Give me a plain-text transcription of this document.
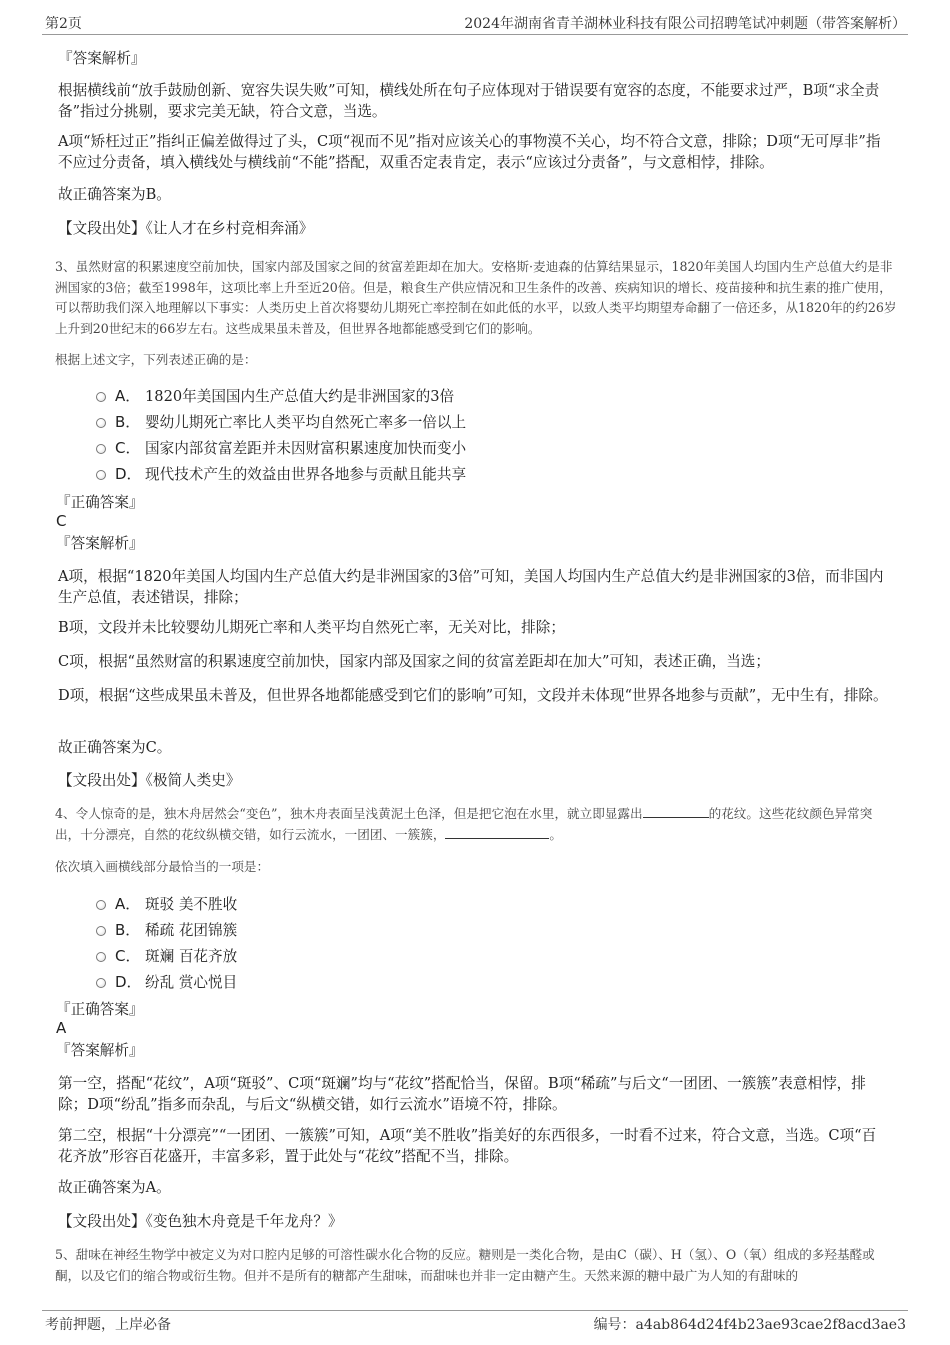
第2页	2024年湖南省青羊湖林业科技有限公司招聘笔试冲刺题（带答案解析）
『答案解析』
根据横线前“放手鼓励创新、宽容失误失败”可知，横线处所在句子应体现对于错误要有宽容的态度，不能要求过严，B项“求全责备”指过分挑剔，要求完美无缺，符合文意，当选。
A项“矫枉过正”指纠正偏差做得过了头，C项“视而不见”指对应该关心的事物漠不关心，均不符合文意，排除；D项“无可厚非”指不应过分责备，填入横线处与横线前“不能”搭配，双重否定表肯定，表示“应该过分责备”，与文意相悖，排除。
故正确答案为B。
【文段出处】《让人才在乡村竞相奔涌》
3、虽然财富的积累速度空前加快，国家内部及国家之间的贫富差距却在加大。安格斯·麦迪森的估算结果显示，1820年美国人均国内生产总值大约是非洲国家的3倍；截至1998年，这项比率上升至近20倍。但是，粮食生产供应情况和卫生条件的改善、疾病知识的增长、疫苗接种和抗生素的推广使用，可以帮助我们深入地理解以下事实：人类历史上首次将婴幼儿期死亡率控制在如此低的水平，以致人类平均期望寿命翻了一倍还多，从1820年的约26岁上升到20世纪末的66岁左右。这些成果虽未普及，但世界各地都能感受到它们的影响。
根据上述文字，下列表述正确的是：
A． 1820年美国国内生产总值大约是非洲国家的3倍
B． 婴幼儿期死亡率比人类平均自然死亡率多一倍以上
C． 国家内部贫富差距并未因财富积累速度加快而变小
D． 现代技术产生的效益由世界各地参与贡献且能共享
『正确答案』
C
『答案解析』
A项，根据“1820年美国人均国内生产总值大约是非洲国家的3倍”可知，美国人均国内生产总值大约是非洲国家的3倍，而非国内生产总值，表述错误，排除；
B项，文段并未比较婴幼儿期死亡率和人类平均自然死亡率，无关对比，排除；
C项，根据“虽然财富的积累速度空前加快，国家内部及国家之间的贫富差距却在加大”可知，表述正确，当选；
D项，根据“这些成果虽未普及，但世界各地都能感受到它们的影响”可知，文段并未体现“世界各地参与贡献”，无中生有，排除。
故正确答案为C。
【文段出处】《极简人类史》
4、令人惊奇的是，独木舟居然会“变色”，独木舟表面呈浅黄泥土色泽，但是把它泡在水里，就立即显露出	的花纹。这些花纹颜色异常突出，十分漂亮，自然的花纹纵横交错，如行云流水，一团团、一簇簇，	。
依次填入画横线部分最恰当的一项是：
A． 斑驳 美不胜收
B． 稀疏 花团锦簇
C． 斑斓 百花齐放
D． 纷乱 赏心悦目
『正确答案』
A
『答案解析』
第一空，搭配“花纹”，A项“斑驳”、C项“斑斓”均与“花纹”搭配恰当，保留。B项“稀疏”与后文“一团团、一簇簇”表意相悖，排除；D项“纷乱”指多而杂乱，与后文“纵横交错，如行云流水”语境不符，排除。
第二空，根据“十分漂亮”“一团团、一簇簇”可知，A项“美不胜收”指美好的东西很多，一时看不过来，符合文意，当选。C项“百花齐放”形容百花盛开，丰富多彩，置于此处与“花纹”搭配不当，排除。
故正确答案为A。
【文段出处】《变色独木舟竟是千年龙舟？》
5、甜味在神经生物学中被定义为对口腔内足够的可溶性碳水化合物的反应。糖则是一类化合物，是由C（碳）、H（氢）、O（氧）组成的多羟基醛或酮，以及它们的缩合物或衍生物。但并不是所有的糖都产生甜味，而甜味也并非一定由糖产生。天然来源的糖中最广为人知的有甜味的
考前押题，上岸必备	编号：a4ab864d24f4b23ae93cae2f8acd3ae3
